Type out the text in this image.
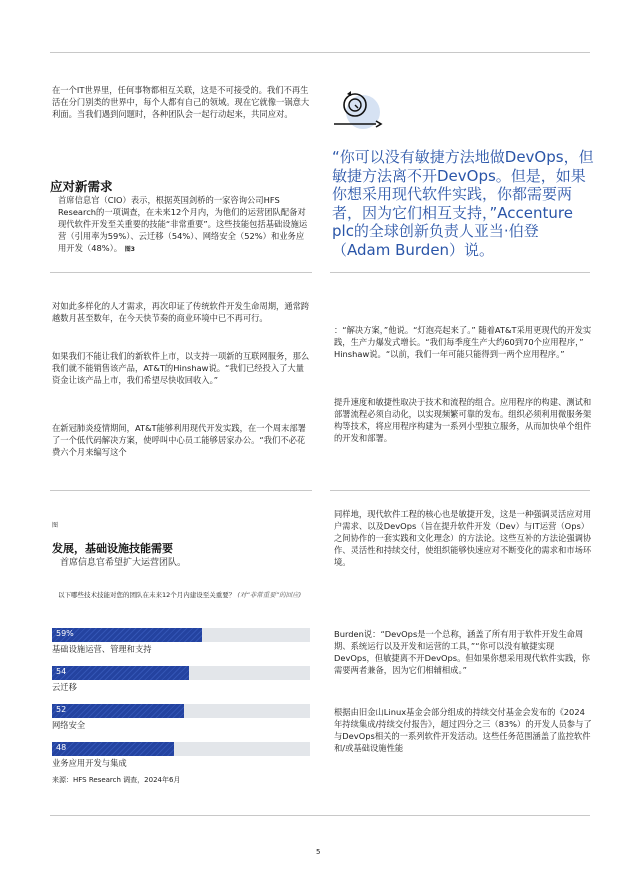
在一个IT世界里，任何事物都相互关联，这是不可接受的。我们不再生活在分门别类的世界中，每个人都有自己的领域。现在它就像一锅意大利面。当我们遇到问题时，各种团队会一起行动起来，共同应对。

应对新需求

首席信息官（CIO）表示，根据英国剑桥的一家咨询公司HFS Research的一项调查，在未来12个月内，为他们的运营团队配备对现代软件开发至关重要的技能“非常重要”。这些技能包括基础设施运营（引用率为59%）、云迁移（54%）、网络安全（52%）和业务应用开发（48%）。 图3

“你可以没有敏捷方法地做DevOps，但敏捷方法离不开DevOps。但是，如果你想采用现代软件实践，你都需要两者，因为它们相互支持，”Accenture plc的全球创新负责人亚当·伯登（Adam Burden）说。

对如此多样化的人才需求，再次印证了传统软件开发生命周期，通常跨越数月甚至数年，在今天快节奏的商业环境中已不再可行。

如果我们不能让我们的新软件上市，以支持一项新的互联网服务，那么我们就不能销售该产品，AT&T的Hinshaw说。“我们已经投入了大量资金让该产品上市，我们希望尽快收回收入。”

在新冠肺炎疫情期间，AT&T能够利用现代开发实践，在一个周末部署了一个低代码解决方案，使呼叫中心员工能够居家办公。“我们不必花费六个月来编写这个

：“解决方案，”他说。“灯泡亮起来了。” 随着AT&T采用更现代的开发实践，生产力爆发式增长。“我们每季度生产大约60到70个应用程序，” Hinshaw说。“以前，我们一年可能只能得到一两个应用程序。”

提升速度和敏捷性取决于技术和流程的组合。应用程序的构建、测试和部署流程必须自动化，以实现频繁可靠的发布。组织必须利用微服务架构等技术，将应用程序构建为一系列小型独立服务，从而加快单个组件的开发和部署。

图
发展，基础设施技能需要

首席信息官希望扩大运营团队。

以下哪些技术技能对您的团队在未来12个月内建设至关重要？ (对“非常重要”的回应)

59%
基础设施运营、管理和支持
54
云迁移
52
网络安全
48
业务应用开发与集成

来源：HFS Research 调查，2024年6月

同样地，现代软件工程的核心也是敏捷开发，这是一种强调灵活应对用户需求、以及DevOps（旨在提升软件开发（Dev）与IT运营（Ops）之间协作的一套实践和文化理念）的方法论。这些互补的方法论强调协作、灵活性和持续交付，使组织能够快速应对不断变化的需求和市场环境。

Burden说：“DevOps是一个总称，涵盖了所有用于软件开发生命周期、系统运行以及开发和运营的工具，”“你可以没有敏捷实现DevOps，但敏捷离不开DevOps。但如果你想采用现代软件实践，你需要两者兼备，因为它们相辅相成。”

根据由旧金山Linux基金会部分组成的持续交付基金会发布的《2024年持续集成/持续交付报告》，超过四分之三（83%）的开发人员参与了与DevOps相关的一系列软件开发活动。这些任务范围涵盖了监控软件和/或基础设施性能

5
